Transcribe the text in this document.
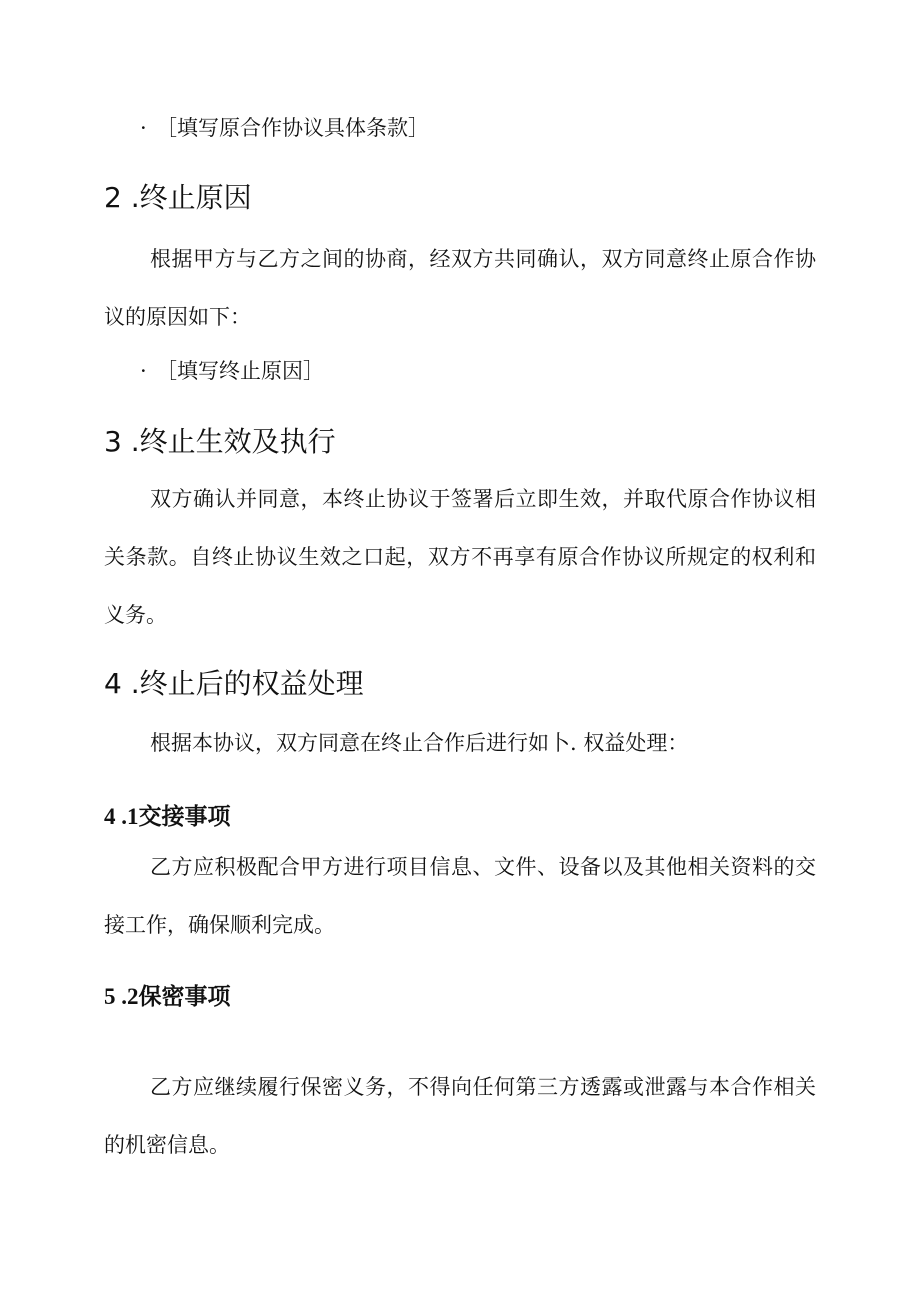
· ［填写原合作协议具体条款］
2 .终止原因
根据甲方与乙方之间的协商，经双方共同确认，双方同意终止原合作协议的原因如下：
· ［填写终止原因］
3 .终止生效及执行
双方确认并同意，本终止协议于签署后立即生效，并取代原合作协议相关条款。自终止协议生效之口起，双方不再享有原合作协议所规定的权利和义务。
4 .终止后的权益处理
根据本协议，双方同意在终止合作后进行如卜. 权益处理：
4 .1交接事项
乙方应积极配合甲方进行项目信息、文件、设备以及其他相关资料的交接工作，确保顺利完成。
5 .2保密事项
乙方应继续履行保密义务，不得向任何第三方透露或泄露与本合作相关的机密信息。
